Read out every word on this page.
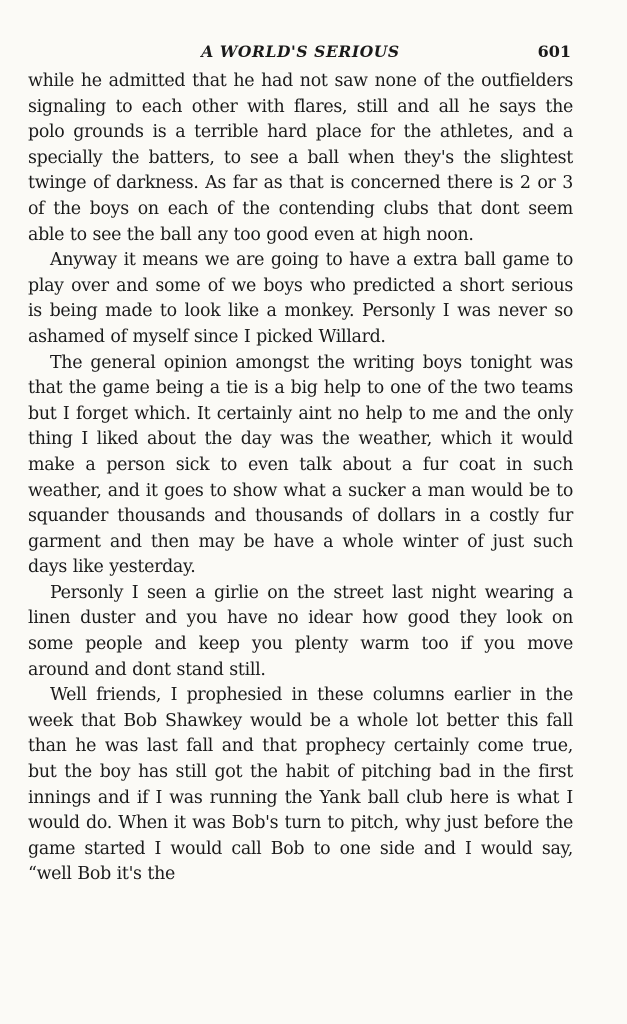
A WORLD'S SERIOUS	601

while he admitted that he had not saw none of the outfielders signaling to each other with flares, still and all he says the polo grounds is a terrible hard place for the athletes, and a specially the batters, to see a ball when they's the slightest twinge of darkness. As far as that is concerned there is 2 or 3 of the boys on each of the contending clubs that dont seem able to see the ball any too good even at high noon.

Anyway it means we are going to have a extra ball game to play over and some of we boys who predicted a short serious is being made to look like a monkey. Personly I was never so ashamed of myself since I picked Willard.

The general opinion amongst the writing boys tonight was that the game being a tie is a big help to one of the two teams but I forget which. It certainly aint no help to me and the only thing I liked about the day was the weather, which it would make a person sick to even talk about a fur coat in such weather, and it goes to show what a sucker a man would be to squander thousands and thousands of dollars in a costly fur garment and then may be have a whole winter of just such days like yesterday.

Personly I seen a girlie on the street last night wearing a linen duster and you have no idear how good they look on some people and keep you plenty warm too if you move around and dont stand still.

Well friends, I prophesied in these columns earlier in the week that Bob Shawkey would be a whole lot better this fall than he was last fall and that prophecy certainly come true, but the boy has still got the habit of pitching bad in the first innings and if I was running the Yank ball club here is what I would do. When it was Bob's turn to pitch, why just before the game started I would call Bob to one side and I would say, “well Bob it's the
